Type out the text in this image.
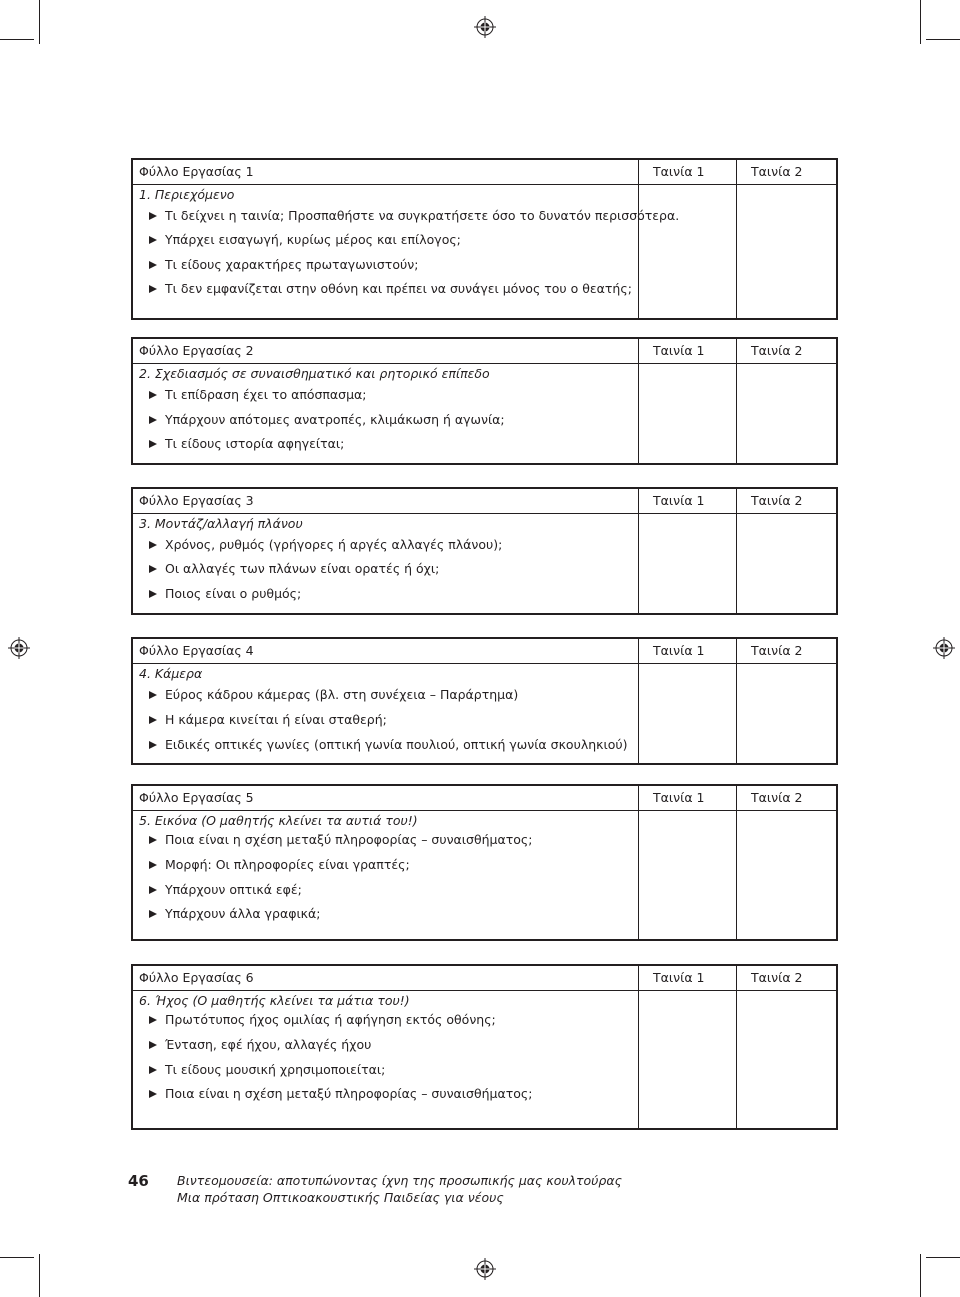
Φύλλο Εργασίας 1	Ταινία 1	Ταινία 2
1. Περιεχόμενο
Τι δείχνει η ταινία; Προσπαθήστε να συγκρατήσετε όσο το δυνατόν περισσότερα.
Υπάρχει εισαγωγή, κυρίως μέρος και επίλογος;
Τι είδους χαρακτήρες πρωταγωνιστούν;
Τι δεν εμφανίζεται στην οθόνη και πρέπει να συνάγει μόνος του ο θεατής;
Φύλλο Εργασίας 2	Ταινία 1	Ταινία 2
2. Σχεδιασμός σε συναισθηματικό και ρητορικό επίπεδο
Τι επίδραση έχει το απόσπασμα;
Υπάρχουν απότομες ανατροπές, κλιμάκωση ή αγωνία;
Τι είδους ιστορία αφηγείται;
Φύλλο Εργασίας 3	Ταινία 1	Ταινία 2
3. Μοντάζ/αλλαγή πλάνου
Χρόνος, ρυθμός (γρήγορες ή αργές αλλαγές πλάνου);
Οι αλλαγές των πλάνων είναι ορατές ή όχι;
Ποιος είναι ο ρυθμός;
Φύλλο Εργασίας 4	Ταινία 1	Ταινία 2
4. Κάμερα
Εύρος κάδρου κάμερας (βλ. στη συνέχεια – Παράρτημα)
Η κάμερα κινείται ή είναι σταθερή;
Ειδικές οπτικές γωνίες (οπτική γωνία πουλιού, οπτική γωνία σκουληκιού)
Φύλλο Εργασίας 5	Ταινία 1	Ταινία 2
5. Εικόνα (Ο μαθητής κλείνει τα αυτιά του!)
Ποια είναι η σχέση μεταξύ πληροφορίας – συναισθήματος;
Μορφή: Οι πληροφορίες είναι γραπτές;
Υπάρχουν οπτικά εφέ;
Υπάρχουν άλλα γραφικά;
Φύλλο Εργασίας 6	Ταινία 1	Ταινία 2
6. Ήχος (Ο μαθητής κλείνει τα μάτια του!)
Πρωτότυπος ήχος ομιλίας ή αφήγηση εκτός οθόνης;
Ένταση, εφέ ήχου, αλλαγές ήχου
Τι είδους μουσική χρησιμοποιείται;
Ποια είναι η σχέση μεταξύ πληροφορίας – συναισθήματος;
46 Βιντεομουσεία: αποτυπώνοντας ίχνη της προσωπικής μας κουλτούρας
Μια πρόταση Οπτικοακουστικής Παιδείας για νέους
